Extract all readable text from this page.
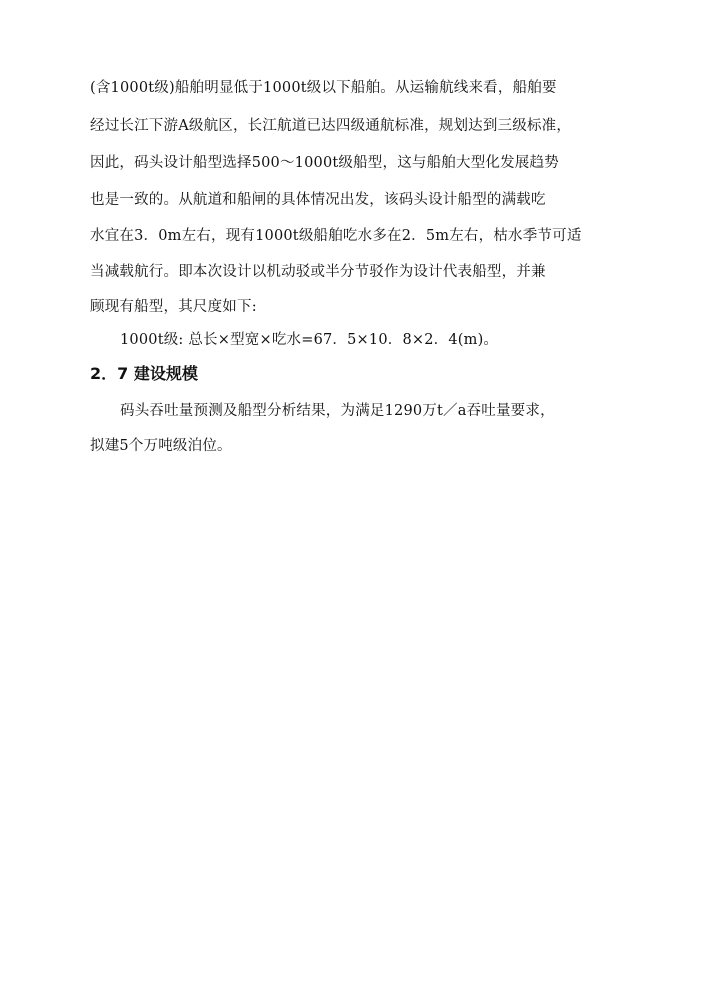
(含1000t级)船舶明显低于1000t级以下船舶。从运输航线来看，船舶要
经过长江下游A级航区，长江航道已达四级通航标准，规划达到三级标准，
因此，码头设计船型选择500～1000t级船型，这与船舶大型化发展趋势
也是一致的。从航道和船闸的具体情况出发，该码头设计船型的满载吃
水宜在3．0m左右，现有1000t级船舶吃水多在2．5m左右，枯水季节可适
当减载航行。即本次设计以机动驳或半分节驳作为设计代表船型，并兼
顾现有船型，其尺度如下:
1000t级: 总长×型宽×吃水=67．5×10．8×2．4(m)。
2．7 建设规模
码头吞吐量预测及船型分析结果，为满足1290万t／a吞吐量要求，
拟建5个万吨级泊位。
